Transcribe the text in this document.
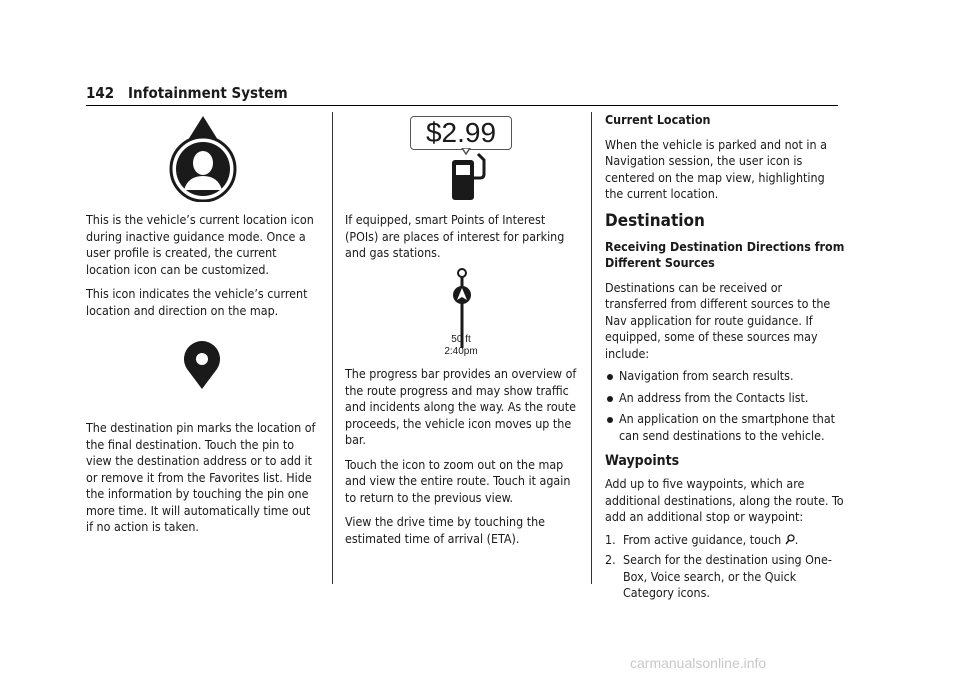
142 Infotainment System

This is the vehicle’s current location icon during inactive guidance mode. Once a user profile is created, the current location icon can be customized.

This icon indicates the vehicle’s current location and direction on the map.

The destination pin marks the location of the final destination. Touch the pin to view the destination address or to add it or remove it from the Favorites list. Hide the information by touching the pin one more time. It will automatically time out if no action is taken.

$2.99

If equipped, smart Points of Interest (POIs) are places of interest for parking and gas stations.

50 ft
2:40pm

The progress bar provides an overview of the route progress and may show traffic and incidents along the way. As the route proceeds, the vehicle icon moves up the bar.

Touch the icon to zoom out on the map and view the entire route. Touch it again to return to the previous view.

View the drive time by touching the estimated time of arrival (ETA).

Current Location

When the vehicle is parked and not in a Navigation session, the user icon is centered on the map view, highlighting the current location.

Destination

Receiving Destination Directions from Different Sources

Destinations can be received or transferred from different sources to the Nav application for route guidance. If equipped, some of these sources may include:

Navigation from search results.
An address from the Contacts list.
An application on the smartphone that can send destinations to the vehicle.
Waypoints

Add up to five waypoints, which are additional destinations, along the route. To add an additional stop or waypoint:

1. From active guidance, touch .
2. Search for the destination using One-Box, Voice search, or the Quick Category icons.
carmanualsonline.info
